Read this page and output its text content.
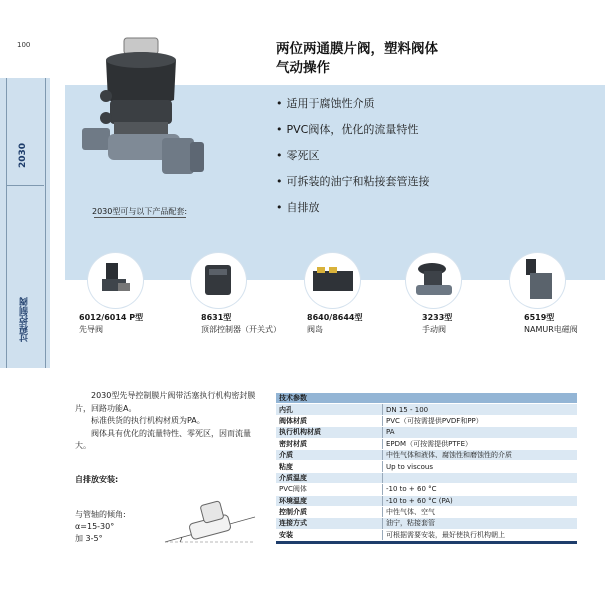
100
2030
过程控制阀
两位两通膜片阀，塑料阀体
气动操作
• 适用于腐蚀性介质
• PVC阀体，优化的流量特性
• 零死区
• 可拆装的油宁和粘接套管连接
• 自排放
2030型可与以下产品配套:
6012/6014 P型
先导阀
8631型
顶部控制器（开关式）
8640/8644型
阀岛
3233型
手动阀
6519型
NAMUR电磁阀

2030型先导控制膜片阀带活塞执行机构密封膜片，回路功能A。

标准供货的执行机构材质为PA。

阀体具有优化的流量特性、零死区，因而流量大。

自排放安装:
与管轴的倾角:
α=15-30°
加 3-5°
技术参数	
内孔	DN 15 - 100
阀体材质	PVC（可按需提供PVDF和PP）
执行机构材质	PA
密封材质	EPDM（可按需提供PTFE）
介质	中性气体和液体、腐蚀性和磨蚀性的介质
粘度	Up to viscous
介质温度	
PVC阀体	-10 to + 60 °C
环境温度	-10 to + 60 °C (PA)
控制介质	中性气体、空气
连接方式	油宁，粘接套管
安装	可根据需要安装，最好使执行机构朝上
